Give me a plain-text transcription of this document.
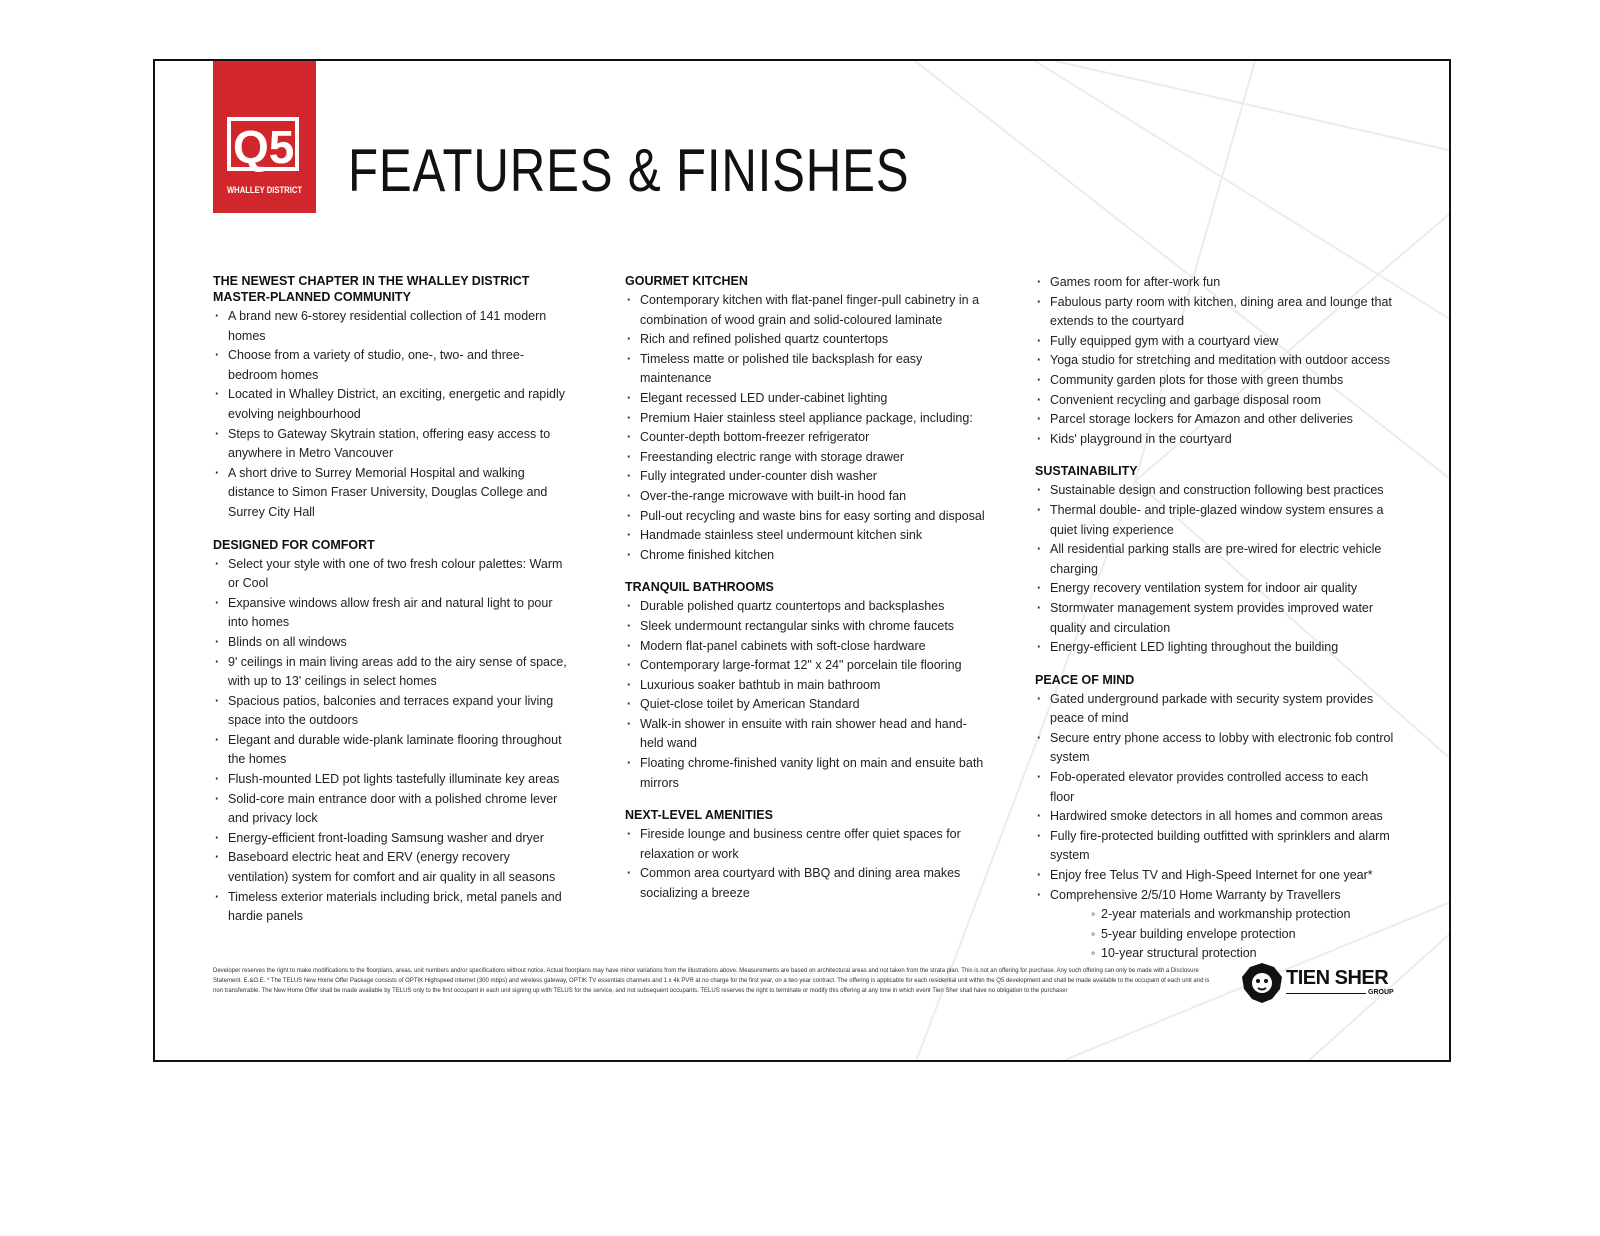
Q5
WHALLEY DISTRICT FEATURES & FINISHES
THE NEWEST CHAPTER IN THE WHALLEY DISTRICT MASTER-PLANNED COMMUNITY
· A brand new 6-storey residential collection of 141 modern homes
· Choose from a variety of studio, one-, two- and three-bedroom homes
· Located in Whalley District, an exciting, energetic and rapidly evolving neighbourhood
· Steps to Gateway Skytrain station, offering easy access to anywhere in Metro Vancouver
· A short drive to Surrey Memorial Hospital and walking distance to Simon Fraser University, Douglas College and Surrey City Hall
DESIGNED FOR COMFORT
· Select your style with one of two fresh colour palettes: Warm or Cool
· Expansive windows allow fresh air and natural light to pour into homes
· Blinds on all windows
· 9' ceilings in main living areas add to the airy sense of space, with up to 13' ceilings in select homes
· Spacious patios, balconies and terraces expand your living space into the outdoors
· Elegant and durable wide-plank laminate flooring throughout the homes
· Flush-mounted LED pot lights tastefully illuminate key areas
· Solid-core main entrance door with a polished chrome lever and privacy lock
· Energy-efficient front-loading Samsung washer and dryer
· Baseboard electric heat and ERV (energy recovery ventilation) system for comfort and air quality in all seasons
· Timeless exterior materials including brick, metal panels and hardie panels
GOURMET KITCHEN
· Contemporary kitchen with flat-panel finger-pull cabinetry in a combination of wood grain and solid-coloured laminate
· Rich and refined polished quartz countertops
· Timeless matte or polished tile backsplash for easy maintenance
· Elegant recessed LED under-cabinet lighting
· Premium Haier stainless steel appliance package, including:
· Counter-depth bottom-freezer refrigerator
· Freestanding electric range with storage drawer
· Fully integrated under-counter dish washer
· Over-the-range microwave with built-in hood fan
· Pull-out recycling and waste bins for easy sorting and disposal
· Handmade stainless steel undermount kitchen sink
· Chrome finished kitchen
TRANQUIL BATHROOMS
· Durable polished quartz countertops and backsplashes
· Sleek undermount rectangular sinks with chrome faucets
· Modern flat-panel cabinets with soft-close hardware
· Contemporary large-format 12" x 24" porcelain tile flooring
· Luxurious soaker bathtub in main bathroom
· Quiet-close toilet by American Standard
· Walk-in shower in ensuite with rain shower head and hand-held wand
· Floating chrome-finished vanity light on main and ensuite bath mirrors
NEXT-LEVEL AMENITIES
· Fireside lounge and business centre offer quiet spaces for relaxation or work
· Common area courtyard with BBQ and dining area makes socializing a breeze
· Games room for after-work fun
· Fabulous party room with kitchen, dining area and lounge that extends to the courtyard
· Fully equipped gym with a courtyard view
· Yoga studio for stretching and meditation with outdoor access
· Community garden plots for those with green thumbs
· Convenient recycling and garbage disposal room
· Parcel storage lockers for Amazon and other deliveries
· Kids' playground in the courtyard
SUSTAINABILITY
· Sustainable design and construction following best practices
· Thermal double- and triple-glazed window system ensures a quiet living experience
· All residential parking stalls are pre-wired for electric vehicle charging
· Energy recovery ventilation system for indoor air quality
· Stormwater management system provides improved water quality and circulation
· Energy-efficient LED lighting throughout the building
PEACE OF MIND
· Gated underground parkade with security system provides peace of mind
· Secure entry phone access to lobby with electronic fob control system
· Fob-operated elevator provides controlled access to each floor
· Hardwired smoke detectors in all homes and common areas
· Fully fire-protected building outfitted with sprinklers and alarm system
· Enjoy free Telus TV and High-Speed Internet for one year*
· Comprehensive 2/5/10 Home Warranty by Travellers
◦ 2-year materials and workmanship protection
◦ 5-year building envelope protection
◦ 10-year structural protection
Developer reserves the right to make modifications to the floorplans, areas, unit numbers and/or specifications without notice. Actual floorplans may have minor variations from the illustrations above. Measurements are based on architectural areas and not taken from the strata plan. This is not an offering for purchase. Any such offering can only be made with a Disclosure Statement. E.&O.E. * The TELUS New Home Offer Package consists of OPTIK Highspeed internet (300 mbps) and wireless gateway, OPTIK TV essentials channels and 1 x 4k PVR at no charge for the first year, on a two year contract. The offering is applicable for each residential unit within the Q5 development and shall be made available to the occupant of each unit and is non transferrable. The New Home Offer shall be made available by TELUS only to the first occupant in each unit signing up with TELUS for the service, and not subsequent occupants. TELUS reserves the right to terminate or modify this offering at any time in which event Tien Sher shall have no obligation to the purchaser
TIEN SHER
GROUP
